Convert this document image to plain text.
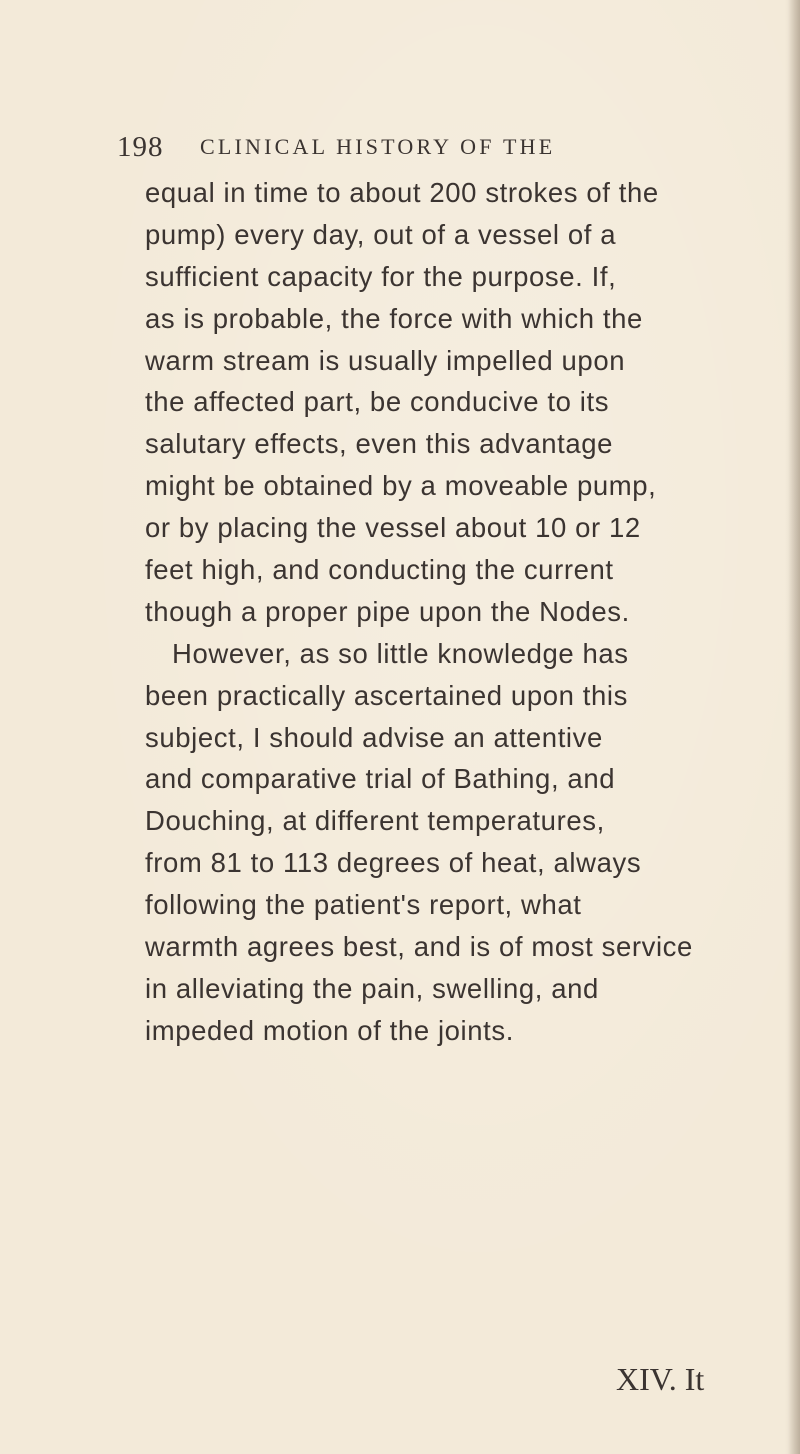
198 CLINICAL HISTORY OF THE
equal in time to about 200 strokes of the
pump) every day, out of a vessel of a
sufficient capacity for the purpose. If,
as is probable, the force with which the
warm stream is usually impelled upon
the affected part, be conducive to its
salutary effects, even this advantage
might be obtained by a moveable pump,
or by placing the vessel about 10 or 12
feet high, and conducting the current
though a proper pipe upon the Nodes.
However, as so little knowledge has
been practically ascertained upon this
subject, I should advise an attentive
and comparative trial of Bathing, and
Douching, at different temperatures,
from 81 to 113 degrees of heat, always
following the patient's report, what
warmth agrees best, and is of most service
in alleviating the pain, swelling, and
impeded motion of the joints.
XIV. It
